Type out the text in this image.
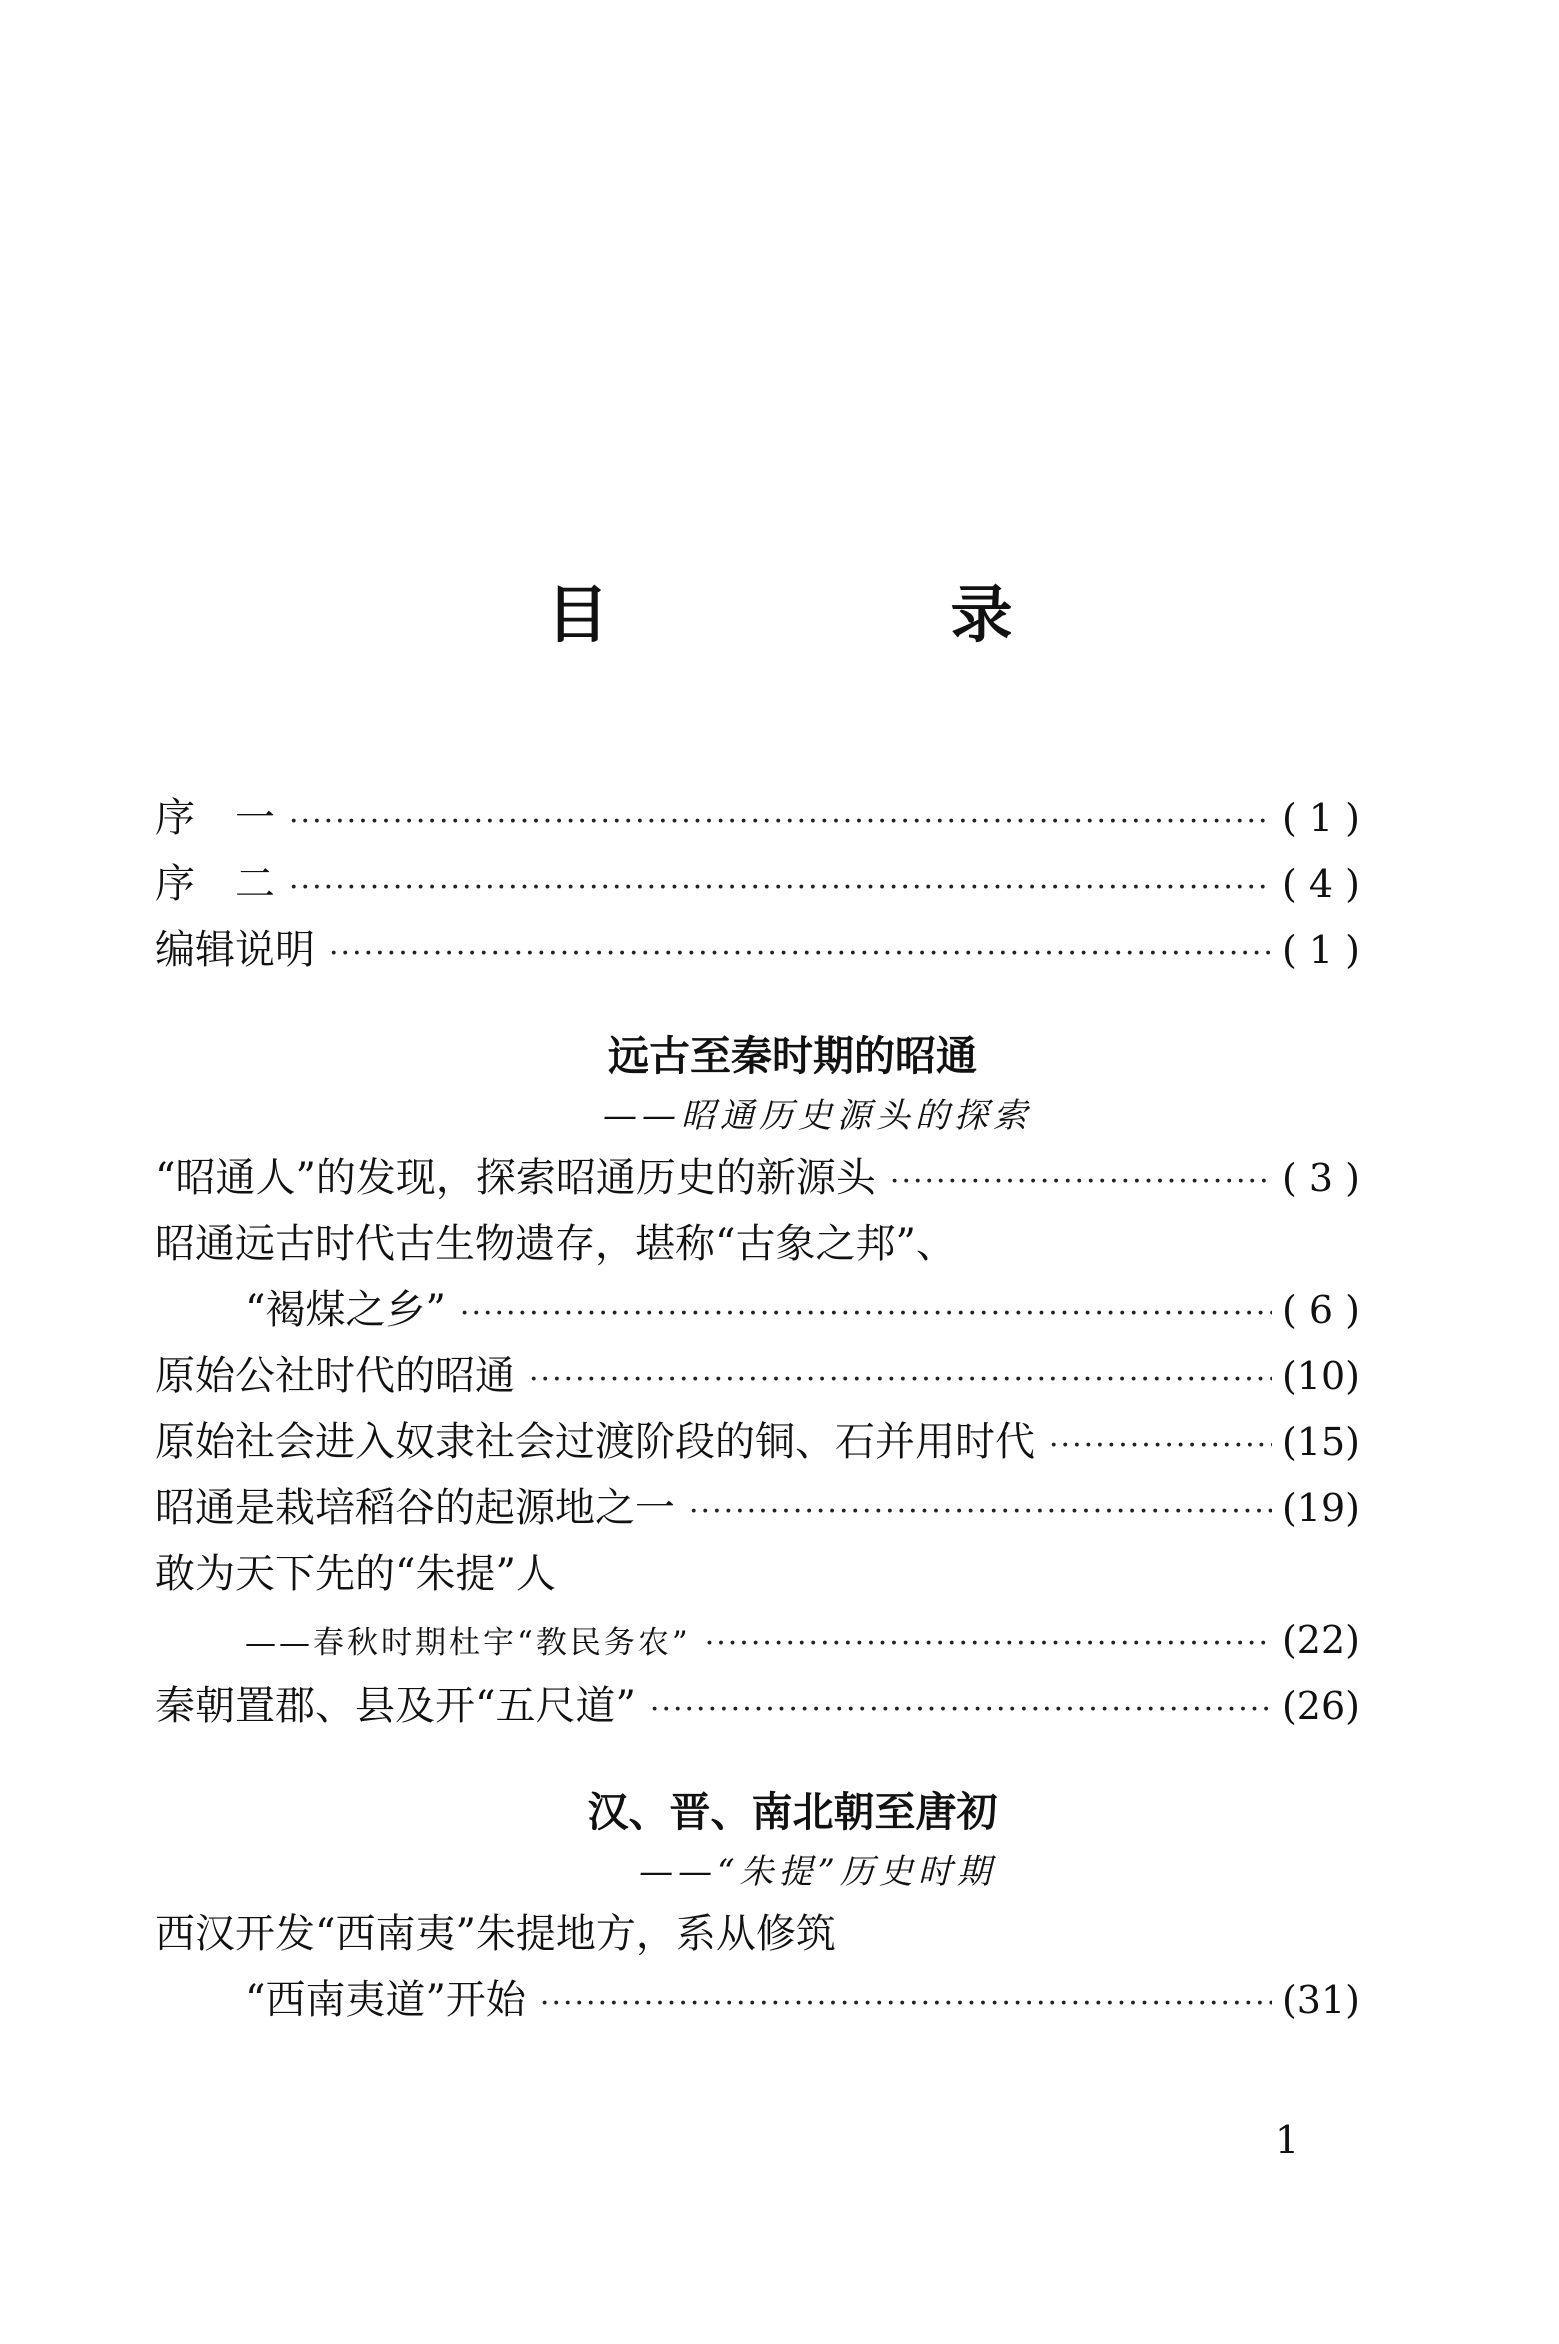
目　录
序　一 ·····	( 1 )
序　二 ·····	( 4 )
编辑说明 ·····	( 1 )
远古至秦时期的昭通
——昭通历史源头的探索
“昭通人”的发现，探索昭通历史的新源头 ·····	( 3 )
昭通远古时代古生物遗存，堪称“古象之邦”、
“褐煤之乡” ·····	( 6 )
原始公社时代的昭通 ·····	(10)
原始社会进入奴隶社会过渡阶段的铜、石并用时代 ·····	(15)
昭通是栽培稻谷的起源地之一 ·····	(19)
敢为天下先的“朱提”人
——春秋时期杜宇“教民务农” ·····	(22)
秦朝置郡、县及开“五尺道” ·····	(26)
汉、晋、南北朝至唐初
——“朱提”历史时期
西汉开发“西南夷”朱提地方，系从修筑
“西南夷道”开始 ·····	(31)
1
